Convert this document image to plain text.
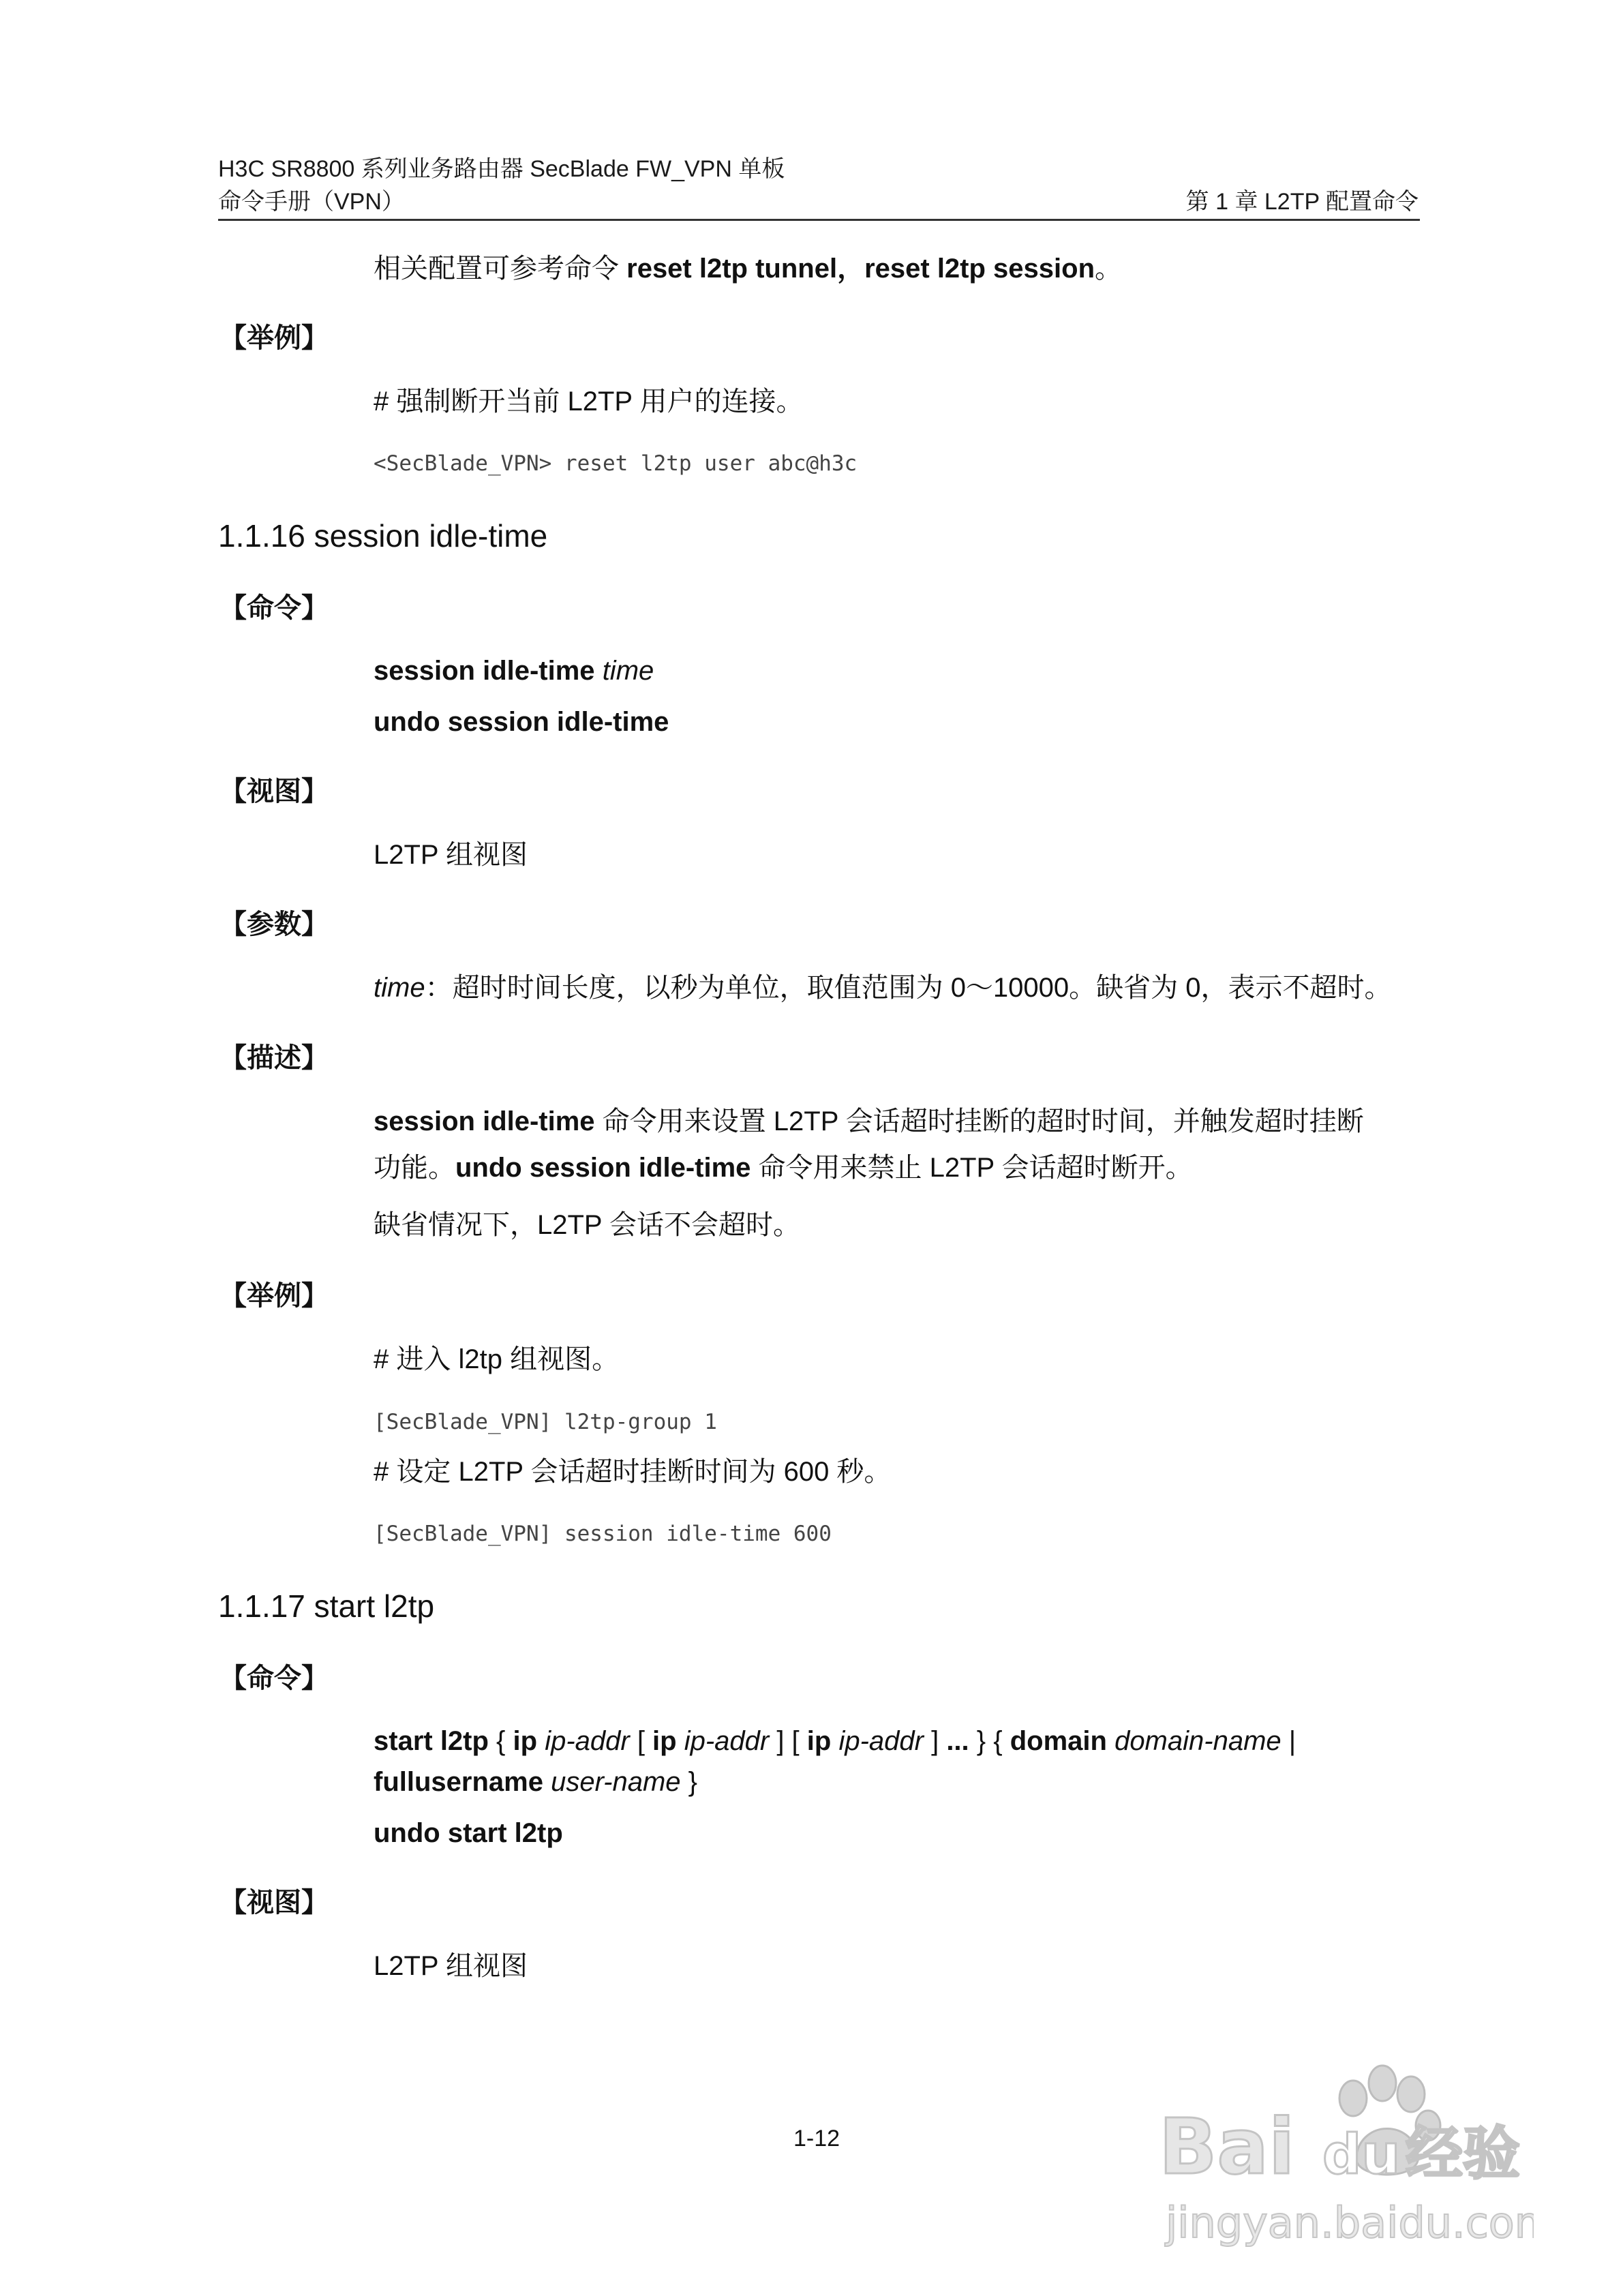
H3C SR8800 系列业务路由器 SecBlade FW_VPN 单板
命令手册（VPN）	第 1 章 L2TP 配置命令
相关配置可参考命令 reset l2tp tunnel，reset l2tp session。
【举例】
# 强制断开当前 L2TP 用户的连接。
<SecBlade_VPN> reset l2tp user abc@h3c
1.1.16 session idle-time
【命令】
session idle-time time
undo session idle-time
【视图】
L2TP 组视图
【参数】
time：超时时间长度，以秒为单位，取值范围为 0～10000。缺省为 0，表示不超时。
【描述】
session idle-time 命令用来设置 L2TP 会话超时挂断的超时时间，并触发超时挂断
功能。undo session idle-time 命令用来禁止 L2TP 会话超时断开。
缺省情况下，L2TP 会话不会超时。
【举例】
# 进入 l2tp 组视图。
[SecBlade_VPN] l2tp-group 1
# 设定 L2TP 会话超时挂断时间为 600 秒。
[SecBlade_VPN] session idle-time 600
1.1.17 start l2tp
【命令】
start l2tp { ip ip-addr [ ip ip-addr ] [ ip ip-addr ] ... } { domain domain-name |
fullusername user-name }
undo start l2tp
【视图】
L2TP 组视图
1-12	Bai du 经验
jingyan.baidu.com
